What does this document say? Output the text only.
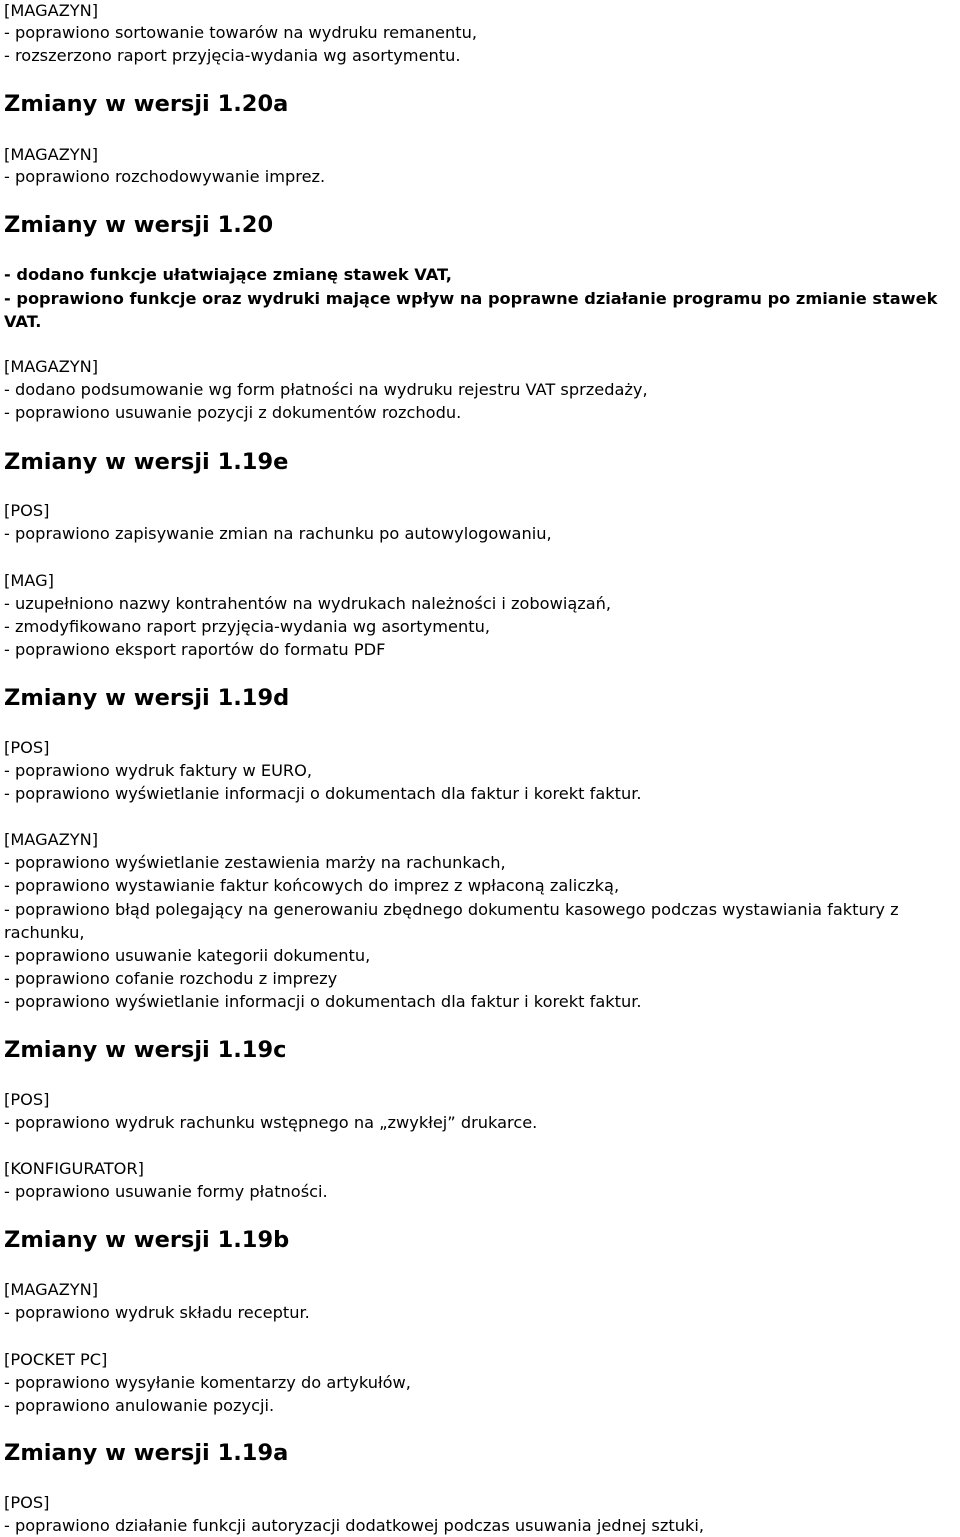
[MAGAZYN]
- poprawiono sortowanie towarów na wydruku remanentu,
- rozszerzono raport przyjęcia-wydania wg asortymentu.
Zmiany w wersji 1.20a
[MAGAZYN]
- poprawiono rozchodowywanie imprez.
Zmiany w wersji 1.20
- dodano funkcje ułatwiające zmianę stawek VAT,
- poprawiono funkcje oraz wydruki mające wpływ na poprawne działanie programu po zmianie stawek VAT.
[MAGAZYN]
- dodano podsumowanie wg form płatności na wydruku rejestru VAT sprzedaży,
- poprawiono usuwanie pozycji z dokumentów rozchodu.
Zmiany w wersji 1.19e
[POS]
- poprawiono zapisywanie zmian na rachunku po autowylogowaniu,
[MAG]
- uzupełniono nazwy kontrahentów na wydrukach należności i zobowiązań,
- zmodyfikowano raport przyjęcia-wydania wg asortymentu,
- poprawiono eksport raportów do formatu PDF
Zmiany w wersji 1.19d
[POS]
- poprawiono wydruk faktury w EURO,
- poprawiono wyświetlanie informacji o dokumentach dla faktur i korekt faktur.
[MAGAZYN]
- poprawiono wyświetlanie zestawienia marży na rachunkach,
- poprawiono wystawianie faktur końcowych do imprez z wpłaconą zaliczką,
- poprawiono błąd polegający na generowaniu zbędnego dokumentu kasowego podczas wystawiania faktury z rachunku,
- poprawiono usuwanie kategorii dokumentu,
- poprawiono cofanie rozchodu z imprezy
- poprawiono wyświetlanie informacji o dokumentach dla faktur i korekt faktur.
Zmiany w wersji 1.19c
[POS]
- poprawiono wydruk rachunku wstępnego na „zwykłej” drukarce.
[KONFIGURATOR]
- poprawiono usuwanie formy płatności.
Zmiany w wersji 1.19b
[MAGAZYN]
- poprawiono wydruk składu receptur.
[POCKET PC]
- poprawiono wysyłanie komentarzy do artykułów,
- poprawiono anulowanie pozycji.
Zmiany w wersji 1.19a
[POS]
- poprawiono działanie funkcji autoryzacji dodatkowej podczas usuwania jednej sztuki,
